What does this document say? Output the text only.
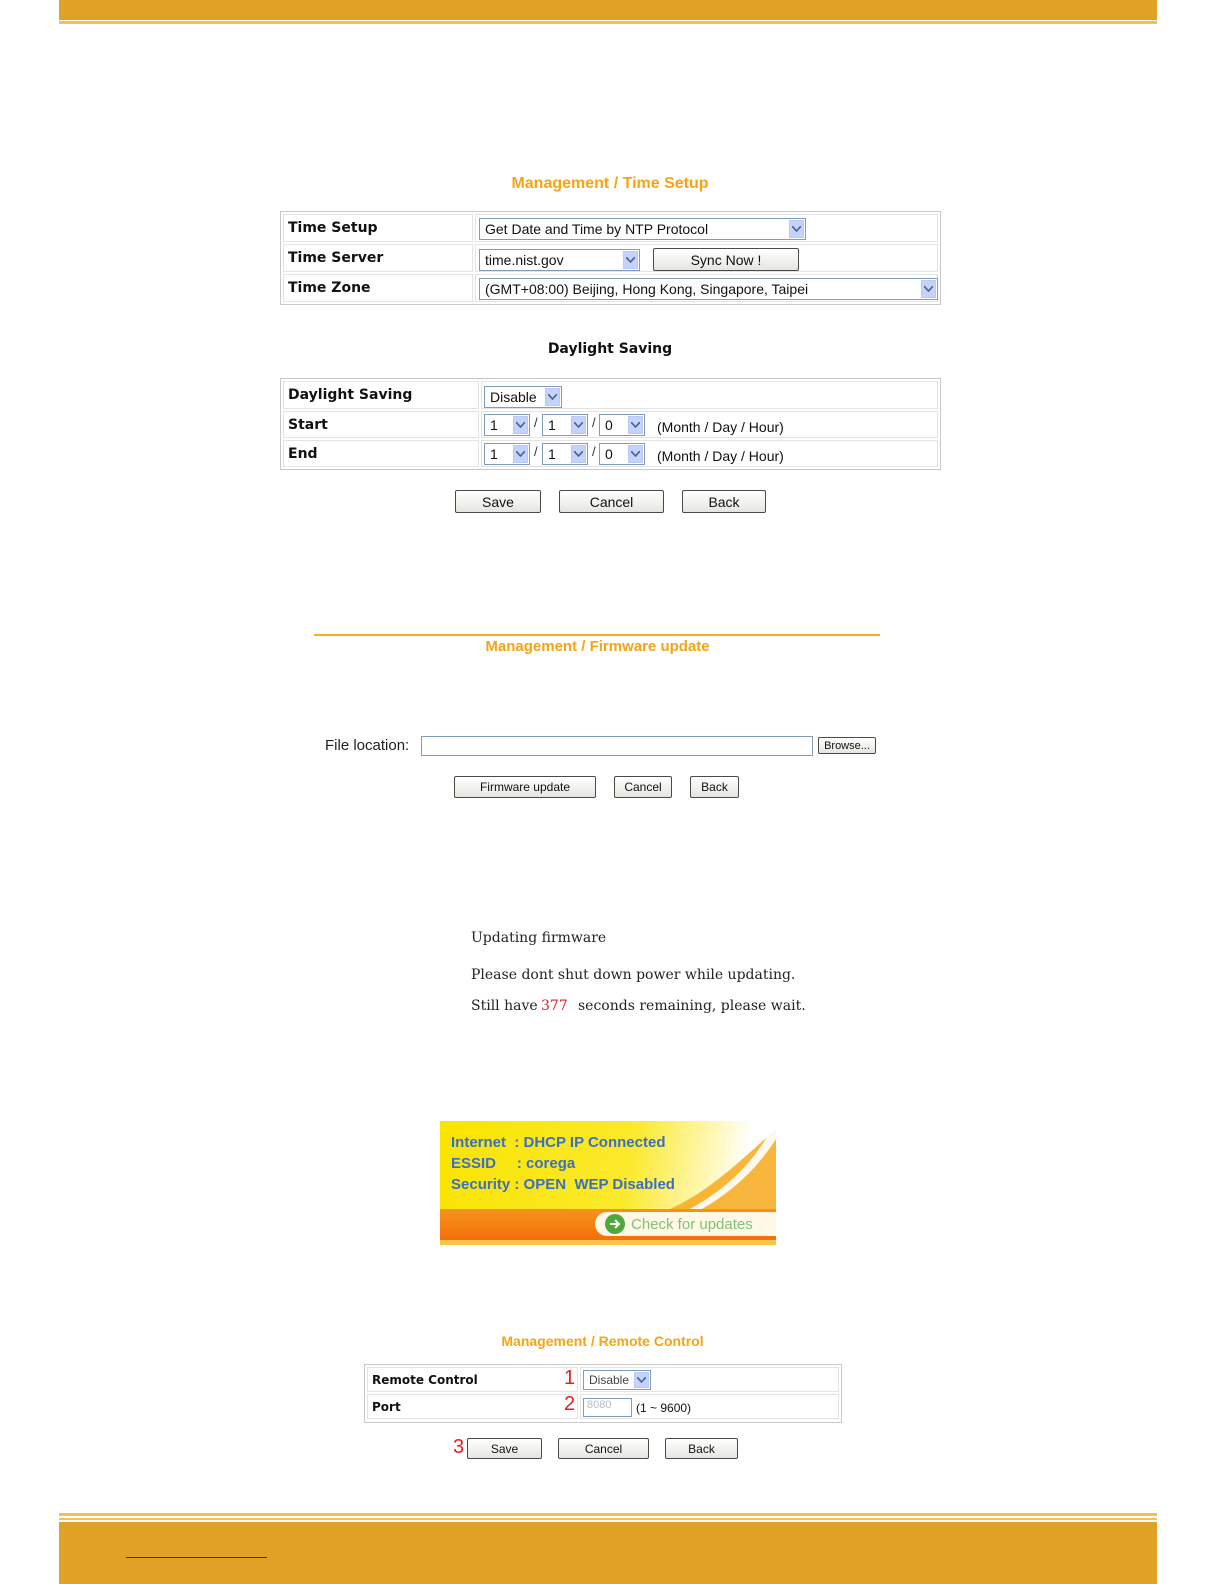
Management / Time Setup
Time Setup	Get Date and Time by NTP Protocol
Time Server	time.nist.gov	Sync Now !
Time Zone	(GMT+08:00) Beijing, Hong Kong, Singapore, Taipei
Daylight Saving
Daylight Saving	Disable
Start	1	/ 1	/ 0	(Month / Day / Hour)
End	1	/ 1	/ 0	(Month / Day / Hour)
Save	Cancel	Back
Management / Firmware update
File location:	Browse...
Firmware update	Cancel	Back
Updating firmware
Please dont shut down power while updating.
Still have 377 seconds remaining, please wait.
Internet  : DHCP IP Connected
ESSID     : corega
Security : OPEN  WEP Disabled
Check for updates
Management / Remote Control
Remote Control	Disable
Port	8080	(1 ~ 9600)
1
2
3	Save	Cancel	Back
